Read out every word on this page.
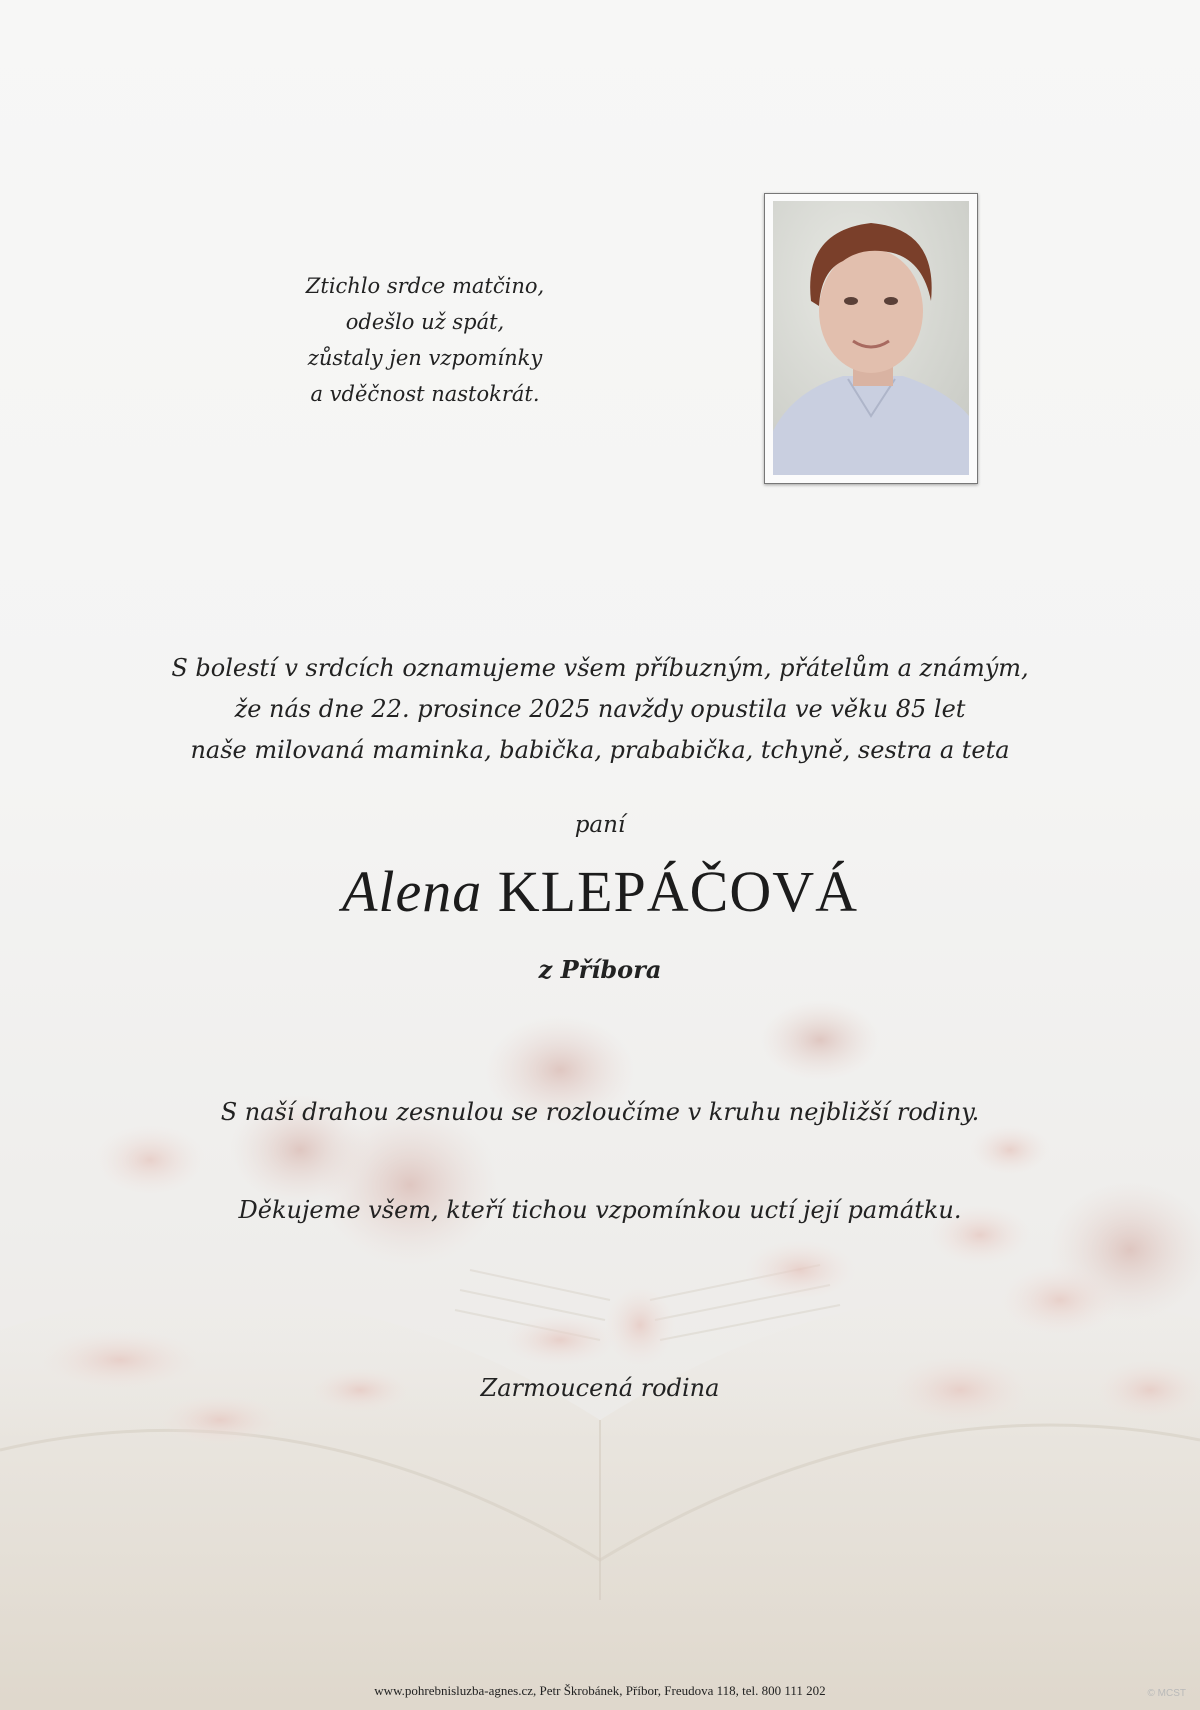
Ztichlo srdce matčino,
odešlo už spát,
zůstaly jen vzpomínky
a vděčnost nastokrát.
S bolestí v srdcích oznamujeme všem příbuzným, přátelům a známým,
že nás dne 22. prosince 2025 navždy opustila ve věku 85 let
naše milovaná maminka, babička, prababička, tchyně, sestra a teta
paní
Alena KLEPÁČOVÁ
z Příbora
S naší drahou zesnulou se rozloučíme v kruhu nejbližší rodiny.
Děkujeme všem, kteří tichou vzpomínkou uctí její památku.
Zarmoucená rodina
www.pohrebnisluzba-agnes.cz, Petr Škrobánek, Příbor, Freudova 118, tel. 800 111 202	© MCST
